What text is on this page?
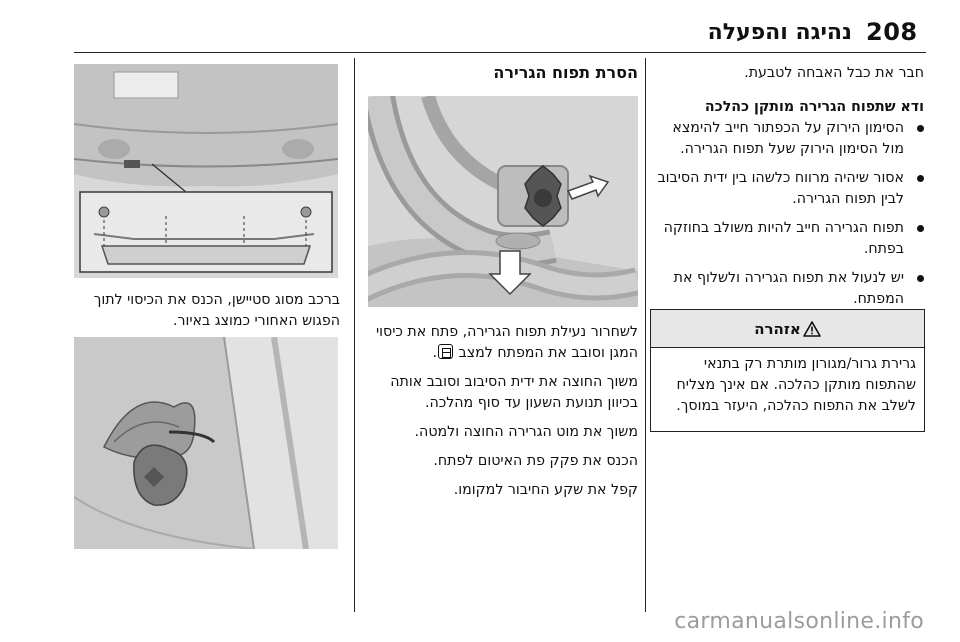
208
נהיגה והפעלה
חבר את כבל האבחה לטבעת.
ודא שתפוח הגרירה מותקן כהלכה
הסימון הירוק על הכפתור חייב להימצא מול הסימון הירוק שעל תפוח הגרירה.
אסור שיהיה מרווח כלשהו בין ידית הסיבוב לבין תפוח הגרירה.
תפוח הגרירה חייב להיות משולב בחוזקה בפתח.
יש לנעול את תפוח הגרירה ולשלוף את המפתח.
אזהרה
גרירת גרור/מגורון מותרת רק בתנאי שהתפוח מותקן כהלכה. אם אינך מצליח לשלב את התפוח כהלכה, היעזר במוסך.
הסרת תפוח הגרירה

לשחרור נעילת תפוח הגרירה, פתח את כיסוי המגן וסובב את המפתח למצב .

משוך החוצה את ידית הסיבוב וסובב אותה בכיוון תנועת השעון עד סוף מהלכה.

משוך את מוט הגרירה החוצה ולמטה.

הכנס את פקק פת האיטום לפתח.

קפל את שקע החיבור למקומו.

ברכב מסוג סטיישן, הכנס את הכיסוי לתוך הפגוש האחורי כמוצג באיור.
carmanualsonline.info
